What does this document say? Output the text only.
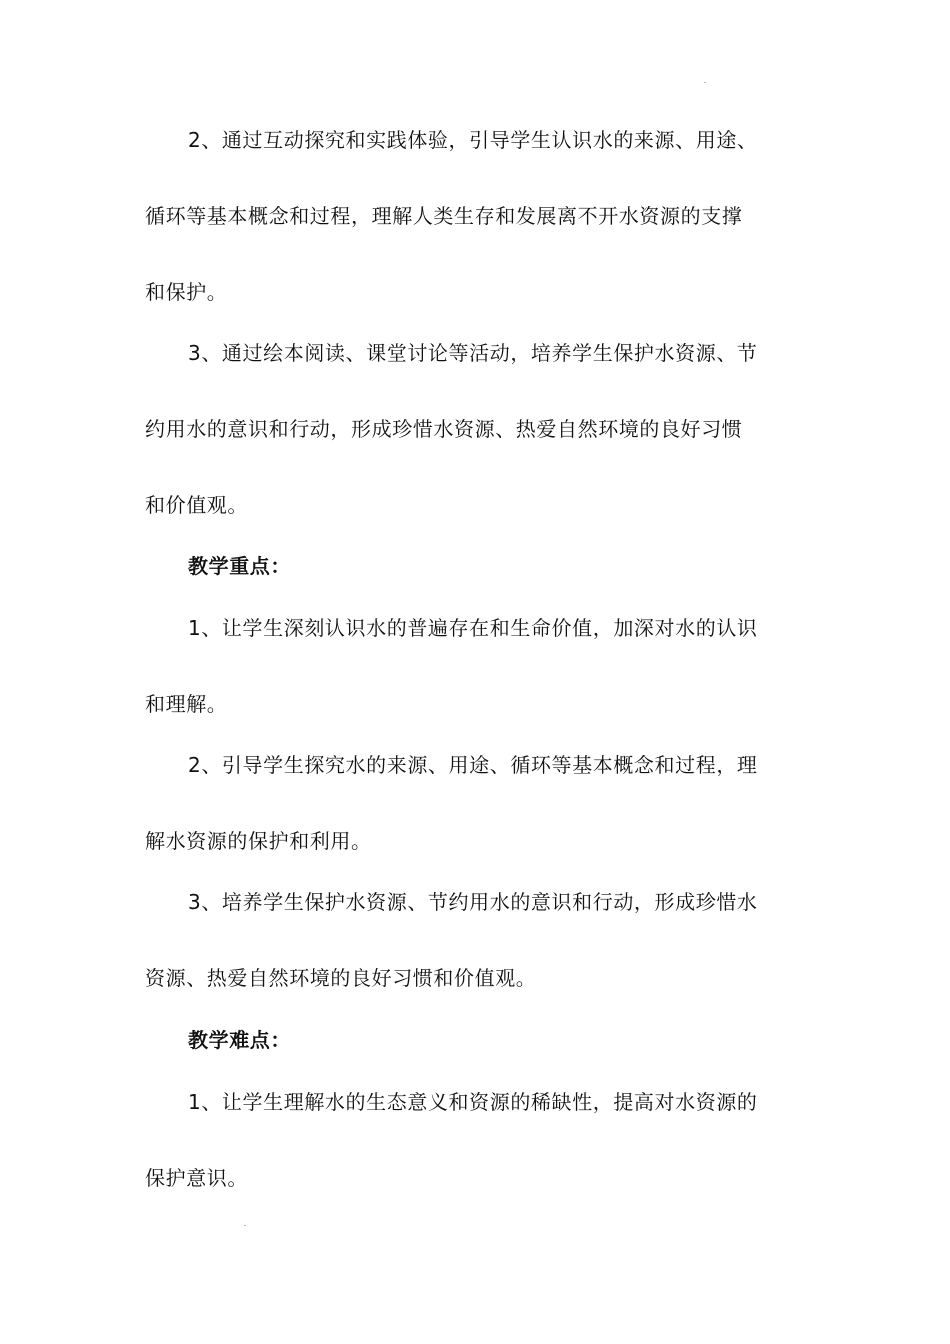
2、通过互动探究和实践体验，引导学生认识水的来源、用途、
循环等基本概念和过程，理解人类生存和发展离不开水资源的支撑
和保护。
3、通过绘本阅读、课堂讨论等活动，培养学生保护水资源、节
约用水的意识和行动，形成珍惜水资源、热爱自然环境的良好习惯
和价值观。
教学重点：
1、让学生深刻认识水的普遍存在和生命价值，加深对水的认识
和理解。
2、引导学生探究水的来源、用途、循环等基本概念和过程，理
解水资源的保护和利用。
3、培养学生保护水资源、节约用水的意识和行动，形成珍惜水
资源、热爱自然环境的良好习惯和价值观。
教学难点：
1、让学生理解水的生态意义和资源的稀缺性，提高对水资源的
保护意识。
